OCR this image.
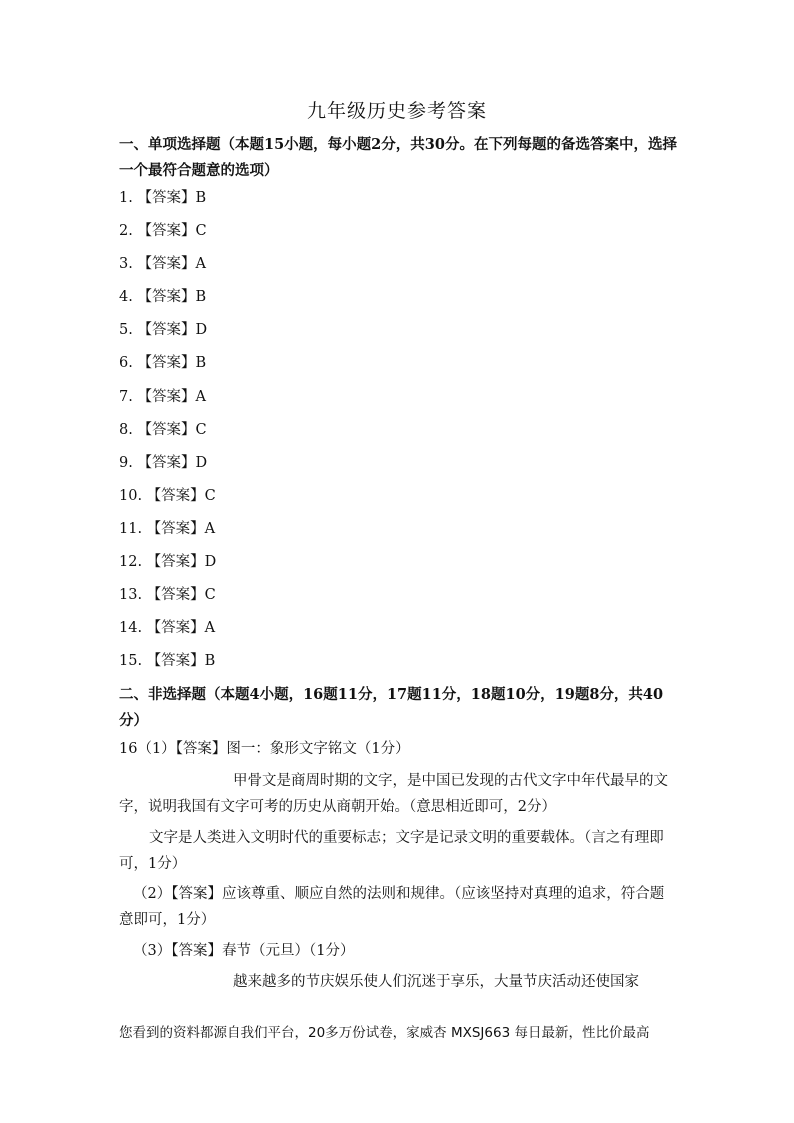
九年级历史参考答案
一、单项选择题（本题15小题，每小题2分，共30分。在下列每题的备选答案中，选择一个最符合题意的选项）
1. 【答案】B
2. 【答案】C
3. 【答案】A
4. 【答案】B
5. 【答案】D
6. 【答案】B
7. 【答案】A
8. 【答案】C
9. 【答案】D
10. 【答案】C
11. 【答案】A
12. 【答案】D
13. 【答案】C
14. 【答案】A
15. 【答案】B
二、非选择题（本题4小题，16题11分，17题11分，18题10分，19题8分，共40分）
16（1）【答案】图一：象形文字铭文（1分）
甲骨文是商周时期的文字，是中国已发现的古代文字中年代最早的文字，说明我国有文字可考的历史从商朝开始。（意思相近即可，2分）
文字是人类进入文明时代的重要标志；文字是记录文明的重要载体。（言之有理即可，1分）
（2）【答案】应该尊重、顺应自然的法则和规律。（应该坚持对真理的追求，符合题意即可，1分）
（3）【答案】春节（元旦）（1分）
越来越多的节庆娱乐使人们沉迷于享乐，大量节庆活动还使国家
您看到的资料都源自我们平台，20多万份试卷，家威杏 MXSJ663 每日最新，性比价最高
